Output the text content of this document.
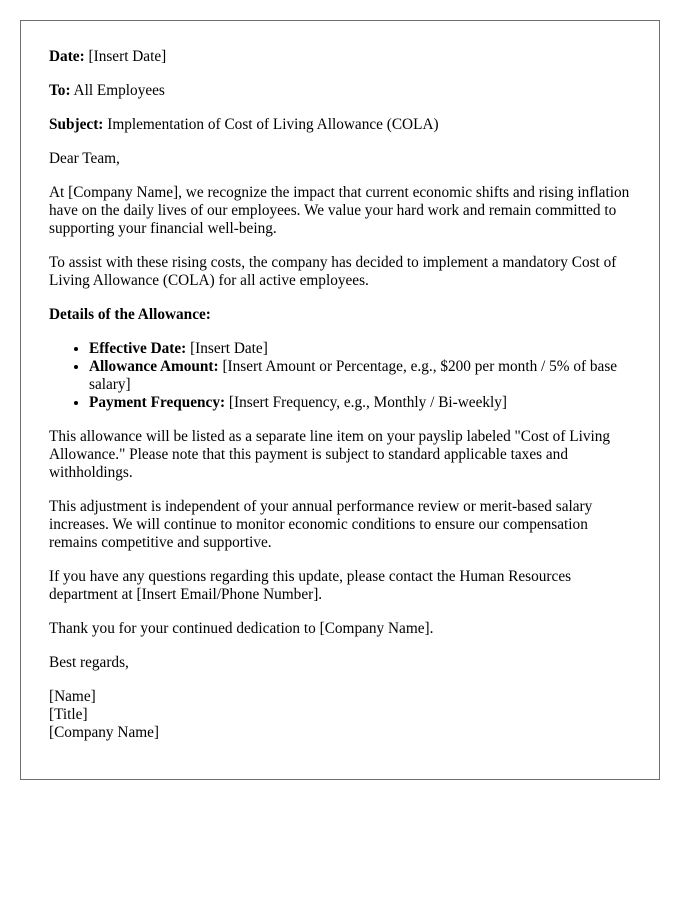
Date: [Insert Date]

To: All Employees

Subject: Implementation of Cost of Living Allowance (COLA)

Dear Team,

At [Company Name], we recognize the impact that current economic shifts and rising inflation have on the daily lives of our employees. We value your hard work and remain committed to supporting your financial well-being.

To assist with these rising costs, the company has decided to implement a mandatory Cost of Living Allowance (COLA) for all active employees.

Details of the Allowance:

• Effective Date: [Insert Date]
• Allowance Amount: [Insert Amount or Percentage, e.g., $200 per month / 5% of base salary]
• Payment Frequency: [Insert Frequency, e.g., Monthly / Bi-weekly]

This allowance will be listed as a separate line item on your payslip labeled "Cost of Living Allowance." Please note that this payment is subject to standard applicable taxes and withholdings.

This adjustment is independent of your annual performance review or merit-based salary increases. We will continue to monitor economic conditions to ensure our compensation remains competitive and supportive.

If you have any questions regarding this update, please contact the Human Resources department at [Insert Email/Phone Number].

Thank you for your continued dedication to [Company Name].

Best regards,

[Name]
[Title]
[Company Name]
